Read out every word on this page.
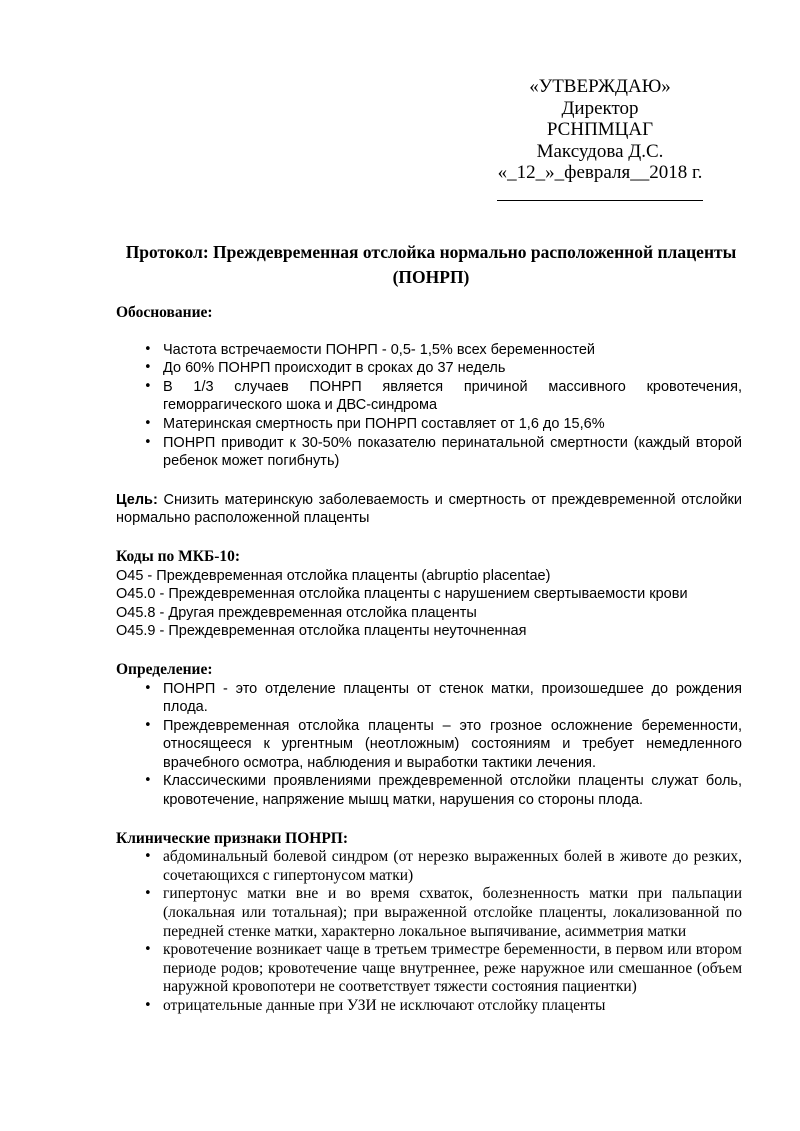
«УТВЕРЖДАЮ»
Директор
РСНПМЦАГ
Максудова Д.С.
«_12_»_февраля__2018 г.
Протокол: Преждевременная отслойка нормально расположенной плаценты (ПОНРП)
Обоснование:
• Частота встречаемости ПОНРП - 0,5- 1,5% всех беременностей
• До 60% ПОНРП происходит в сроках до 37 недель
• В 1/3 случаев ПОНРП является причиной массивного кровотечения, геморрагического шока и ДВС-синдрома
• Материнская смертность при ПОНРП составляет от 1,6 до 15,6%
• ПОНРП приводит к 30-50% показателю перинатальной смертности (каждый второй ребенок может погибнуть)

Цель: Снизить материнскую заболеваемость и смертность от преждевременной отслойки нормально расположенной плаценты

Коды по МКБ-10:
O45 - Преждевременная отслойка плаценты (abruptio placentae)
O45.0 - Преждевременная отслойка плаценты с нарушением свертываемости крови
O45.8 - Другая преждевременная отслойка плаценты
O45.9 - Преждевременная отслойка плаценты неуточненная
Определение:
• ПОНРП - это отделение плаценты от стенок матки, произошедшее до рождения плода.
• Преждевременная отслойка плаценты – это грозное осложнение беременности, относящееся к ургентным (неотложным) состояниям и требует немедленного врачебного осмотра, наблюдения и выработки тактики лечения.
• Классическими проявлениями преждевременной отслойки плаценты служат боль, кровотечение, напряжение мышц матки, нарушения со стороны плода.
Клинические признаки ПОНРП:
• абдоминальный болевой синдром (от нерезко выраженных болей в животе до резких, сочетающихся с гипертонусом матки)
• гипертонус матки вне и во время схваток, болезненность матки при пальпации (локальная или тотальная); при выраженной отслойке плаценты, локализованной по передней стенке матки, характерно локальное выпячивание, асимметрия матки
• кровотечение возникает чаще в третьем триместре беременности, в первом или втором периоде родов; кровотечение чаще внутреннее, реже наружное или смешанное (объем наружной кровопотери не соответствует тяжести состояния пациентки)
• отрицательные данные при УЗИ не исключают отслойку плаценты
